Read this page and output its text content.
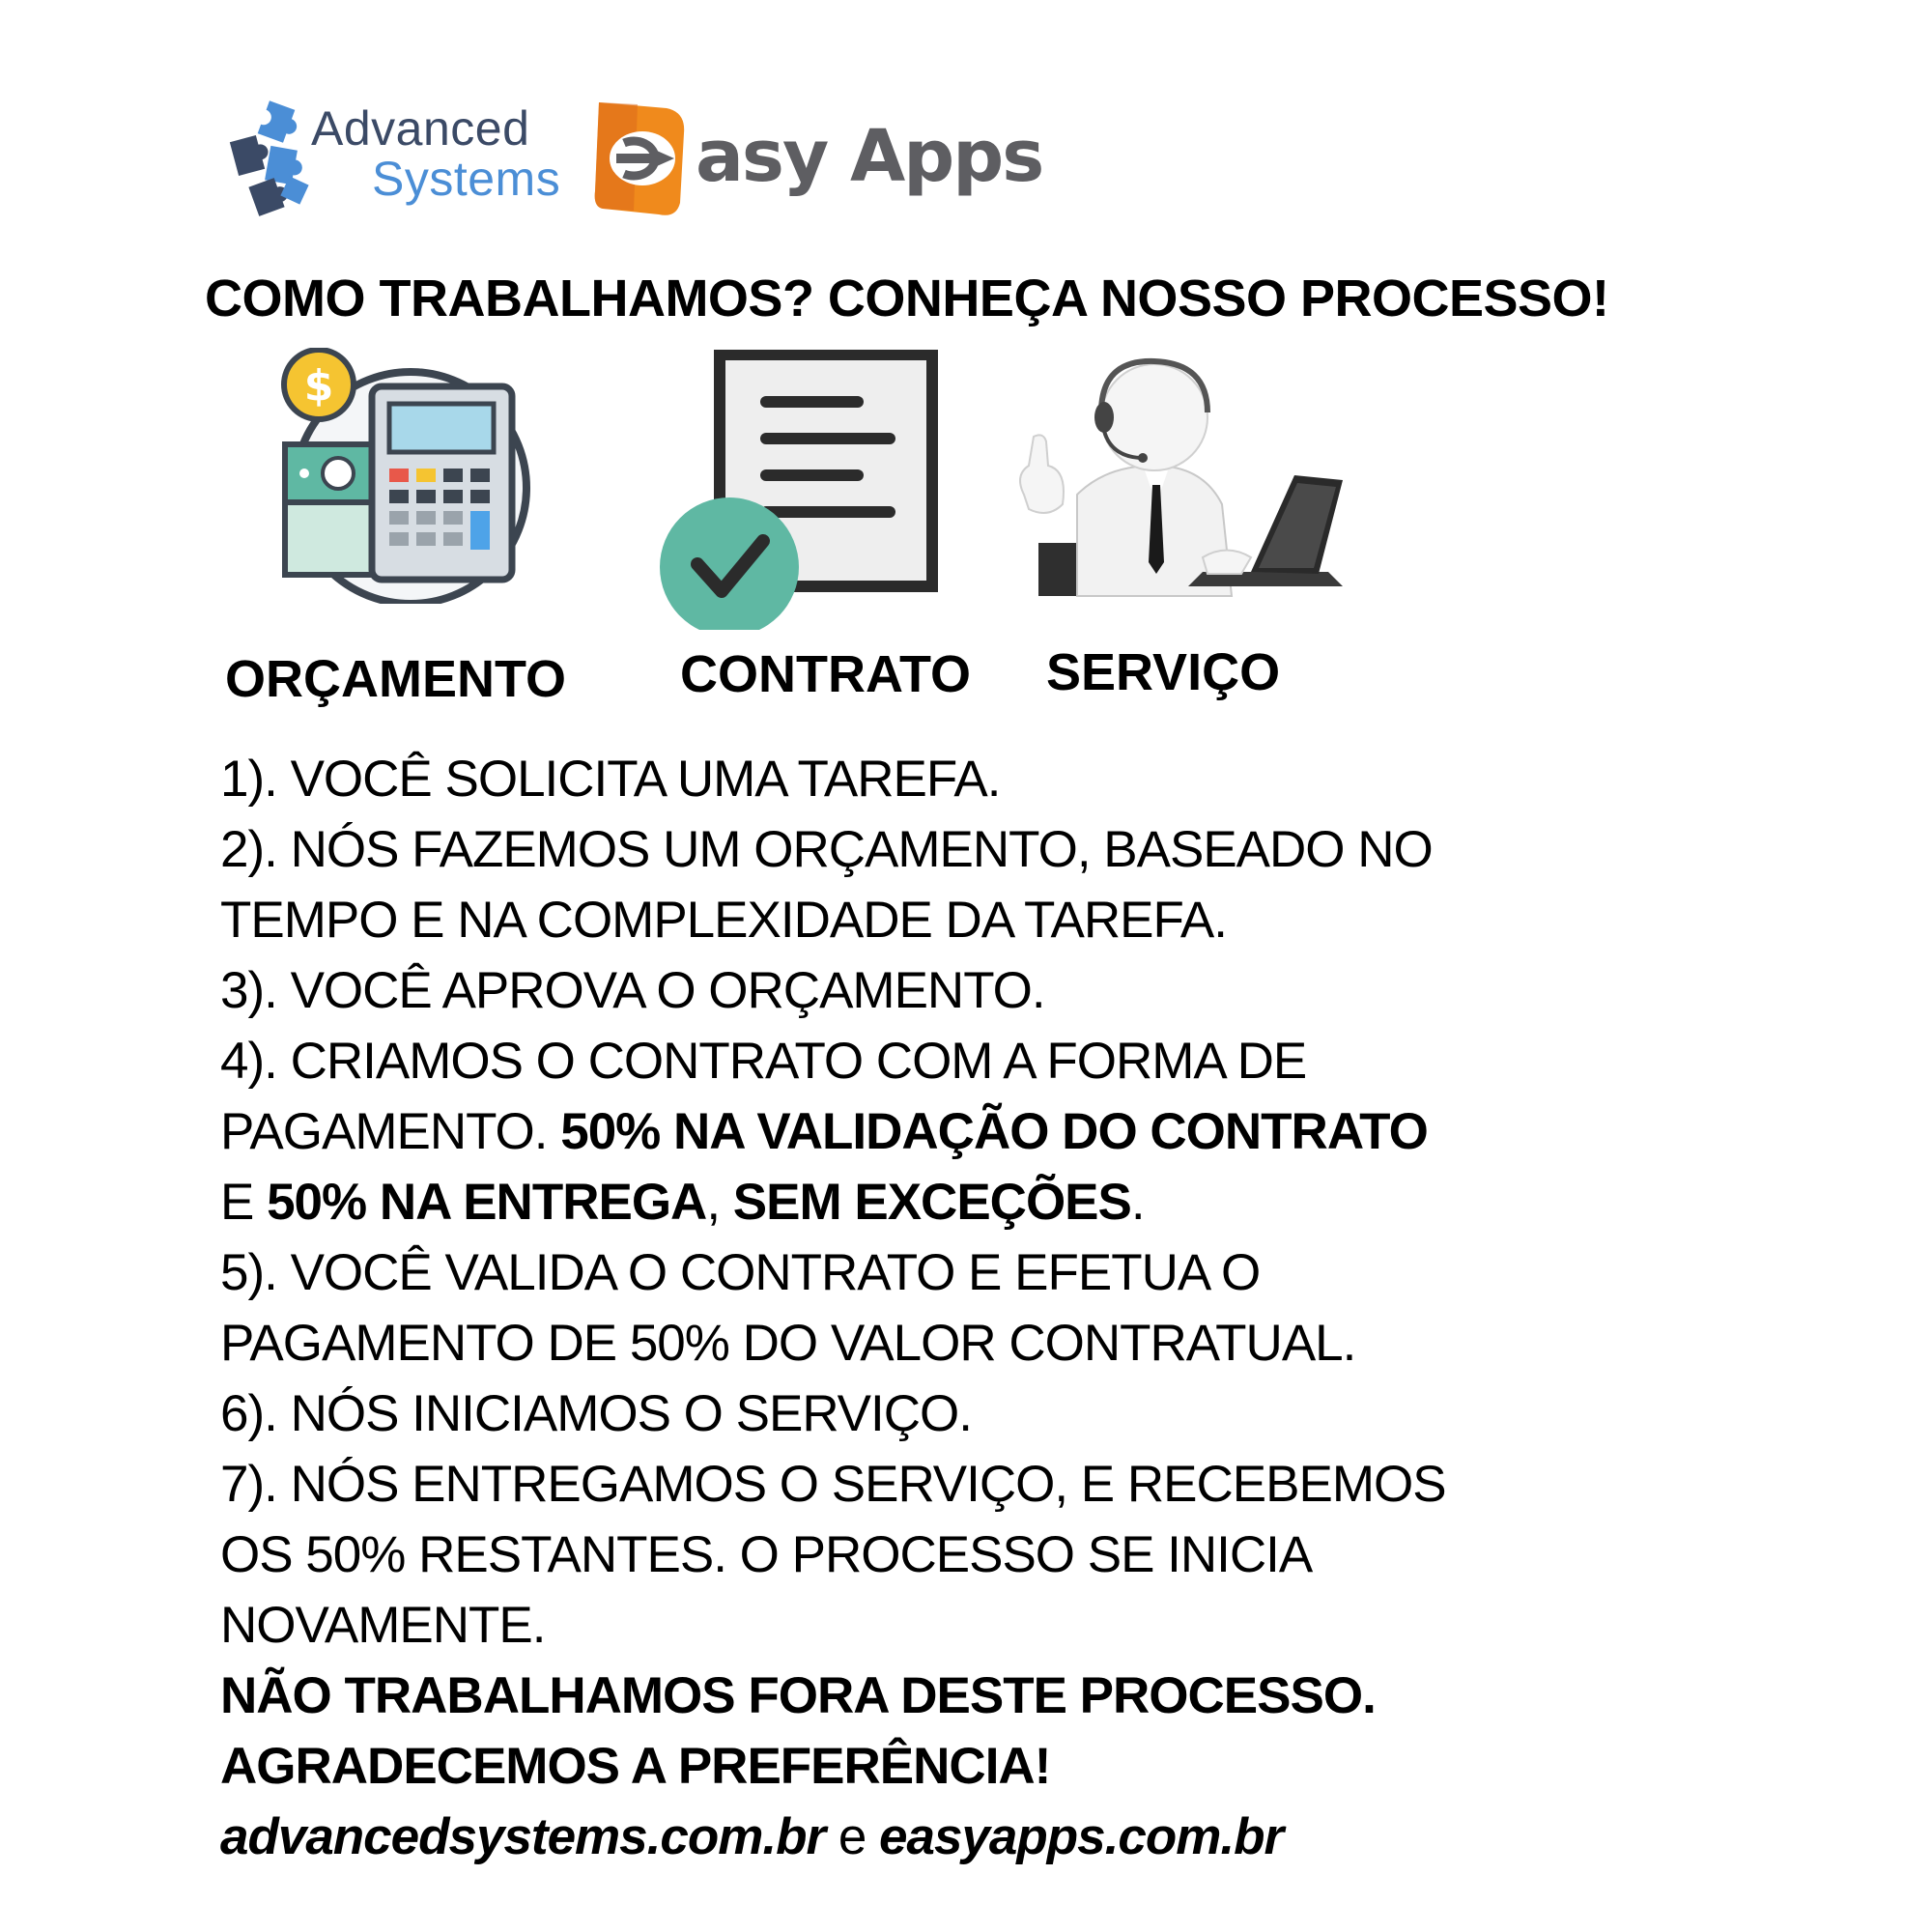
Advanced
Systems asy Apps
COMO TRABALHAMOS? CONHEÇA NOSSO PROCESSO!
$
ORÇAMENTO CONTRATO SERVIÇO
1). VOCÊ SOLICITA UMA TAREFA.
2). NÓS FAZEMOS UM ORÇAMENTO, BASEADO NO
TEMPO E NA COMPLEXIDADE DA TAREFA.
3). VOCÊ APROVA O ORÇAMENTO.
4). CRIAMOS O CONTRATO COM A FORMA DE
PAGAMENTO. 50% NA VALIDAÇÃO DO CONTRATO
E 50% NA ENTREGA, SEM EXCEÇÕES.
5). VOCÊ VALIDA O CONTRATO E EFETUA O
PAGAMENTO DE 50% DO VALOR CONTRATUAL.
6). NÓS INICIAMOS O SERVIÇO.
7). NÓS ENTREGAMOS O SERVIÇO, E RECEBEMOS
OS 50% RESTANTES. O PROCESSO SE INICIA
NOVAMENTE.
NÃO TRABALHAMOS FORA DESTE PROCESSO.
AGRADECEMOS A PREFERÊNCIA!
advancedsystems.com.br e easyapps.com.br
